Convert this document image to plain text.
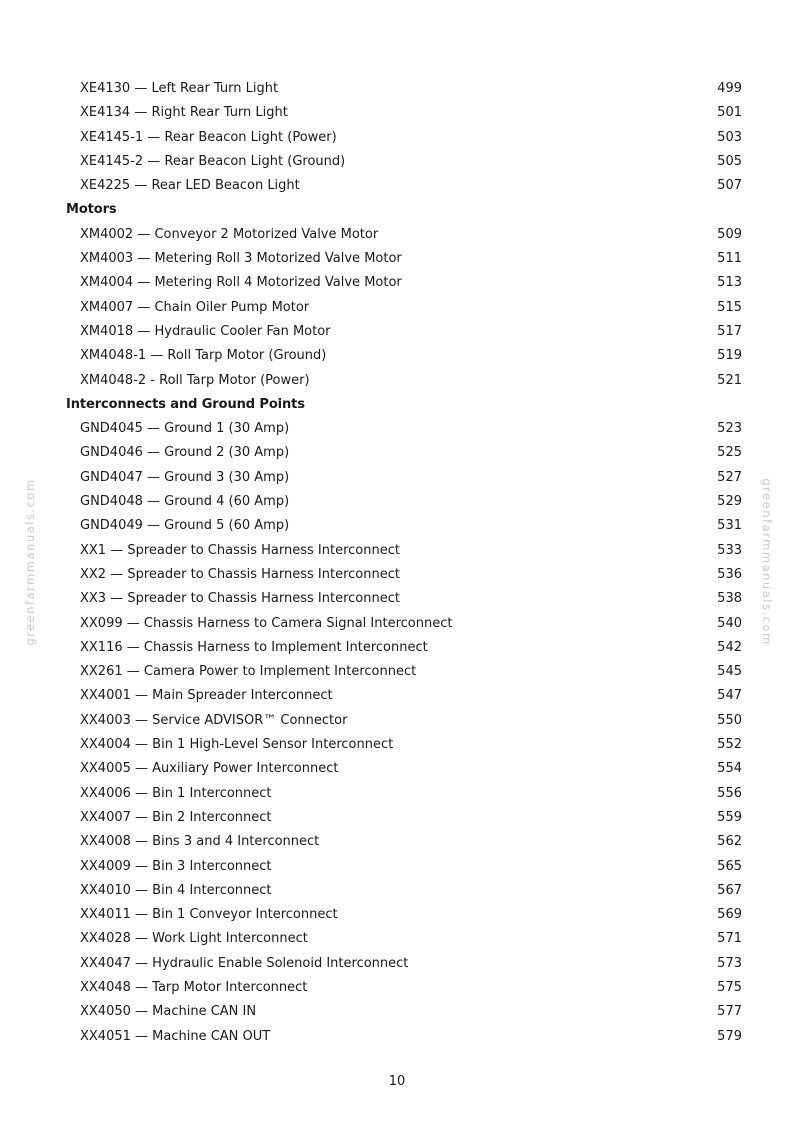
XE4130 — Left Rear Turn Light	499
XE4134 — Right Rear Turn Light	501
XE4145-1 — Rear Beacon Light (Power)	503
XE4145-2 — Rear Beacon Light (Ground)	505
XE4225 — Rear LED Beacon Light	507
Motors
XM4002 — Conveyor 2 Motorized Valve Motor	509
XM4003 — Metering Roll 3 Motorized Valve Motor	511
XM4004 — Metering Roll 4 Motorized Valve Motor	513
XM4007 — Chain Oiler Pump Motor	515
XM4018 — Hydraulic Cooler Fan Motor	517
XM4048-1 — Roll Tarp Motor (Ground)	519
XM4048-2 - Roll Tarp Motor (Power)	521
Interconnects and Ground Points
GND4045 — Ground 1 (30 Amp)	523
GND4046 — Ground 2 (30 Amp)	525
GND4047 — Ground 3 (30 Amp)	527
GND4048 — Ground 4 (60 Amp)	529
GND4049 — Ground 5 (60 Amp)	531
XX1 — Spreader to Chassis Harness Interconnect	533
XX2 — Spreader to Chassis Harness Interconnect	536
XX3 — Spreader to Chassis Harness Interconnect	538
XX099 — Chassis Harness to Camera Signal Interconnect	540
XX116 — Chassis Harness to Implement Interconnect	542
XX261 — Camera Power to Implement Interconnect	545
XX4001 — Main Spreader Interconnect	547
XX4003 — Service ADVISOR™ Connector	550
XX4004 — Bin 1 High-Level Sensor Interconnect	552
XX4005 — Auxiliary Power Interconnect	554
XX4006 — Bin 1 Interconnect	556
XX4007 — Bin 2 Interconnect	559
XX4008 — Bins 3 and 4 Interconnect	562
XX4009 — Bin 3 Interconnect	565
XX4010 — Bin 4 Interconnect	567
XX4011 — Bin 1 Conveyor Interconnect	569
XX4028 — Work Light Interconnect	571
XX4047 — Hydraulic Enable Solenoid Interconnect	573
XX4048 — Tarp Motor Interconnect	575
XX4050 — Machine CAN IN	577
XX4051 — Machine CAN OUT	579
10
greenfarmmanuals.com	greenfarmmanuals.com
